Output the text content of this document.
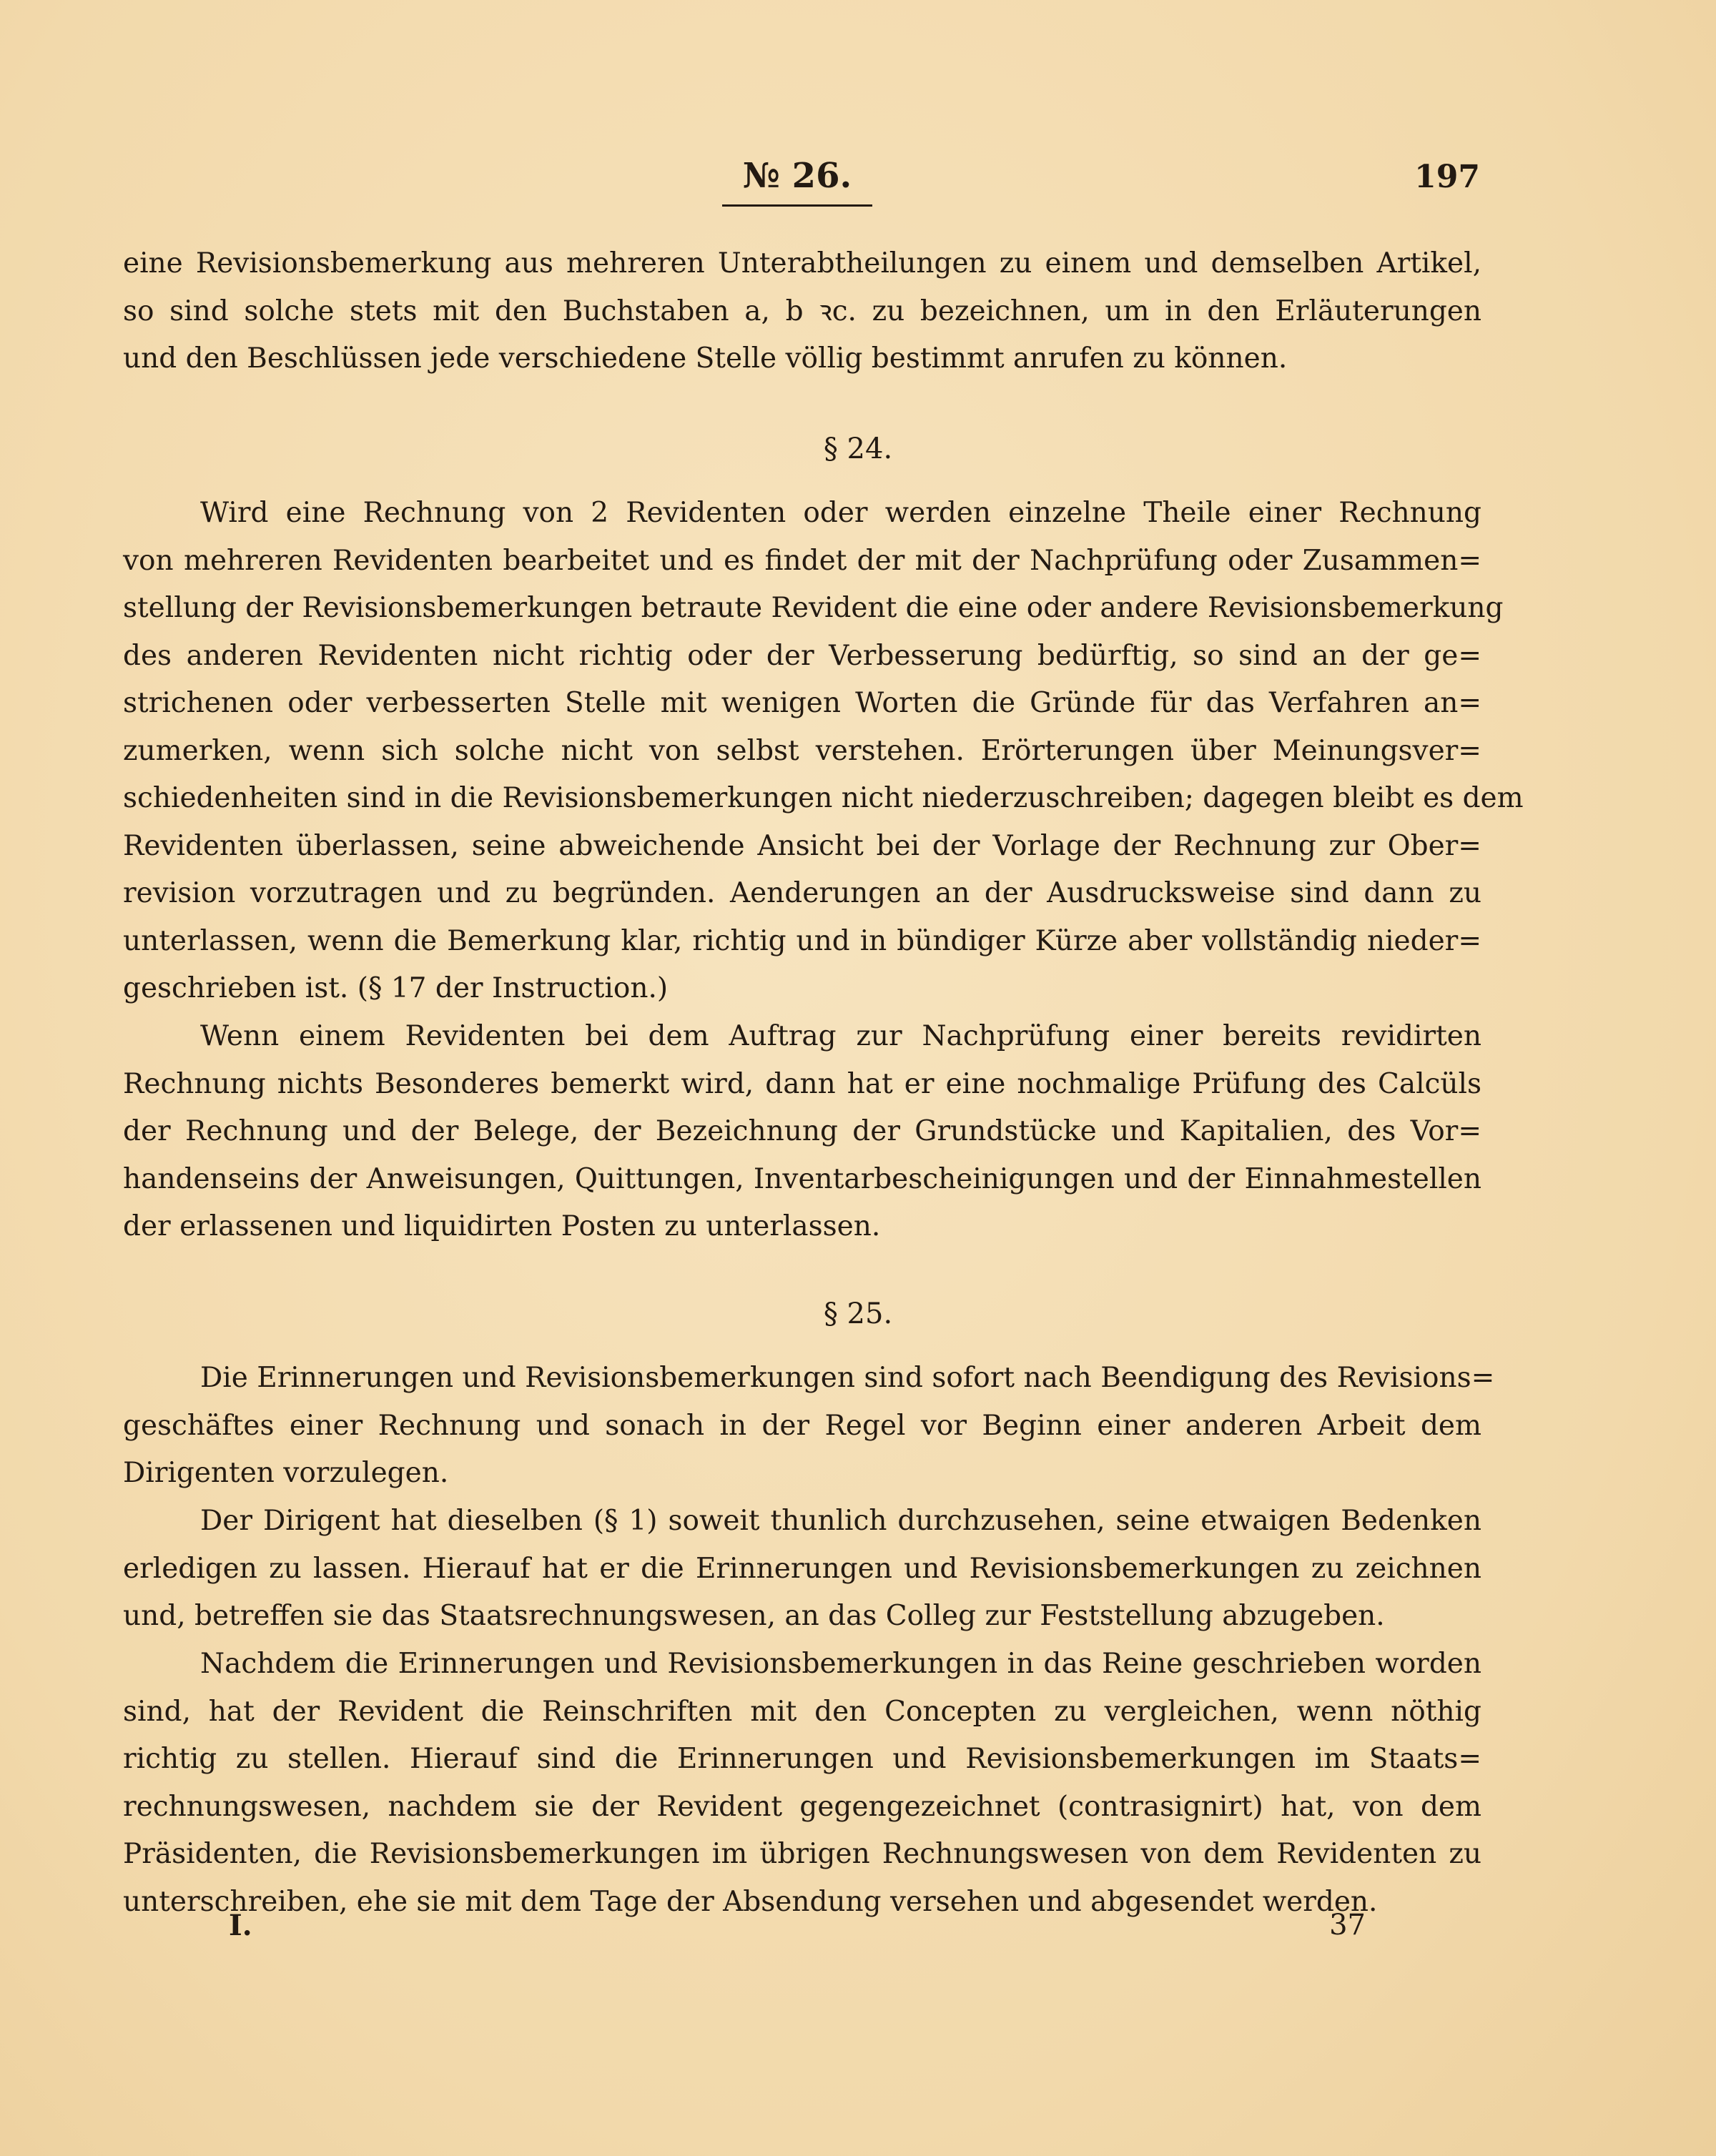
№ 26.	197
eine Revisionsbemerkung aus mehreren Unterabtheilungen zu einem und demselben Artikel,
so sind solche stets mit den Buchstaben a, b ꝛc. zu bezeichnen, um in den Erläuterungen
und den Beschlüssen jede verschiedene Stelle völlig bestimmt anrufen zu können.
§ 24.
Wird eine Rechnung von 2 Revidenten oder werden einzelne Theile einer Rechnung
von mehreren Revidenten bearbeitet und es findet der mit der Nachprüfung oder Zusammen=
stellung der Revisionsbemerkungen betraute Revident die eine oder andere Revisionsbemerkung
des anderen Revidenten nicht richtig oder der Verbesserung bedürftig, so sind an der ge=
strichenen oder verbesserten Stelle mit wenigen Worten die Gründe für das Verfahren an=
zumerken, wenn sich solche nicht von selbst verstehen. Erörterungen über Meinungsver=
schiedenheiten sind in die Revisionsbemerkungen nicht niederzuschreiben; dagegen bleibt es dem
Revidenten überlassen, seine abweichende Ansicht bei der Vorlage der Rechnung zur Ober=
revision vorzutragen und zu begründen. Aenderungen an der Ausdrucksweise sind dann zu
unterlassen, wenn die Bemerkung klar, richtig und in bündiger Kürze aber vollständig nieder=
geschrieben ist. (§ 17 der Instruction.)
Wenn einem Revidenten bei dem Auftrag zur Nachprüfung einer bereits revidirten
Rechnung nichts Besonderes bemerkt wird, dann hat er eine nochmalige Prüfung des Calcüls
der Rechnung und der Belege, der Bezeichnung der Grundstücke und Kapitalien, des Vor=
handenseins der Anweisungen, Quittungen, Inventarbescheinigungen und der Einnahmestellen
der erlassenen und liquidirten Posten zu unterlassen.
§ 25.
Die Erinnerungen und Revisionsbemerkungen sind sofort nach Beendigung des Revisions=
geschäftes einer Rechnung und sonach in der Regel vor Beginn einer anderen Arbeit dem
Dirigenten vorzulegen.
Der Dirigent hat dieselben (§ 1) soweit thunlich durchzusehen, seine etwaigen Bedenken
erledigen zu lassen. Hierauf hat er die Erinnerungen und Revisionsbemerkungen zu zeichnen
und, betreffen sie das Staatsrechnungswesen, an das Colleg zur Feststellung abzugeben.
Nachdem die Erinnerungen und Revisionsbemerkungen in das Reine geschrieben worden
sind, hat der Revident die Reinschriften mit den Concepten zu vergleichen, wenn nöthig
richtig zu stellen. Hierauf sind die Erinnerungen und Revisionsbemerkungen im Staats=
rechnungswesen, nachdem sie der Revident gegengezeichnet (contrasignirt) hat, von dem
Präsidenten, die Revisionsbemerkungen im übrigen Rechnungswesen von dem Revidenten zu
unterschreiben, ehe sie mit dem Tage der Absendung versehen und abgesendet werden.
I.	37
